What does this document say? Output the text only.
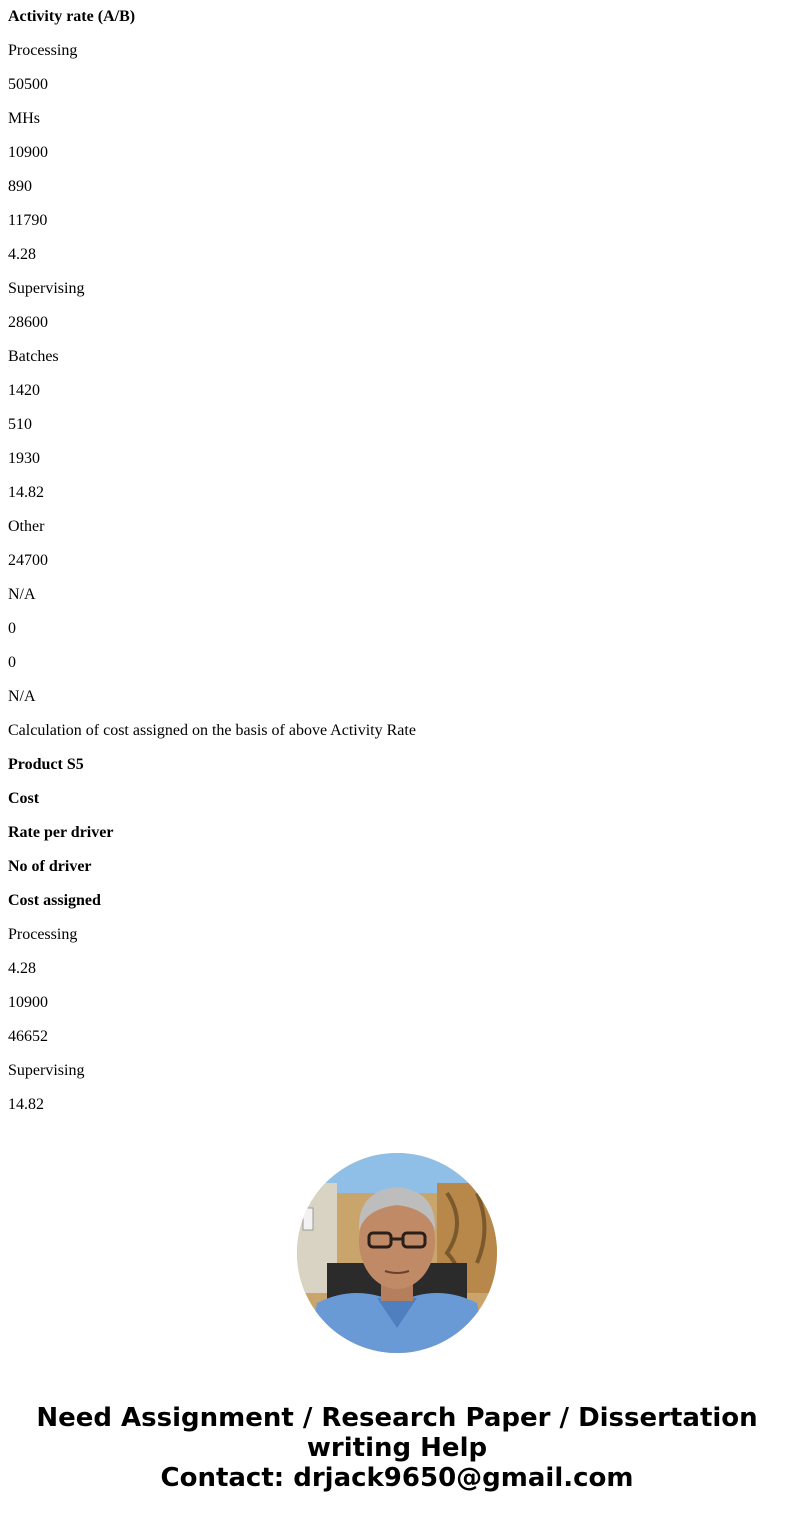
Activity rate (A/B)

Processing

50500

MHs

10900

890

11790

4.28

Supervising

28600

Batches

1420

510

1930

14.82

Other

24700

N/A

0

0

N/A

Calculation of cost assigned on the basis of above Activity Rate

Product S5

Cost

Rate per driver

No of driver

Cost assigned

Processing

4.28

10900

46652

Supervising

14.82

Need Assignment / Research Paper / Dissertation
writing Help
Contact: drjack9650@gmail.com
